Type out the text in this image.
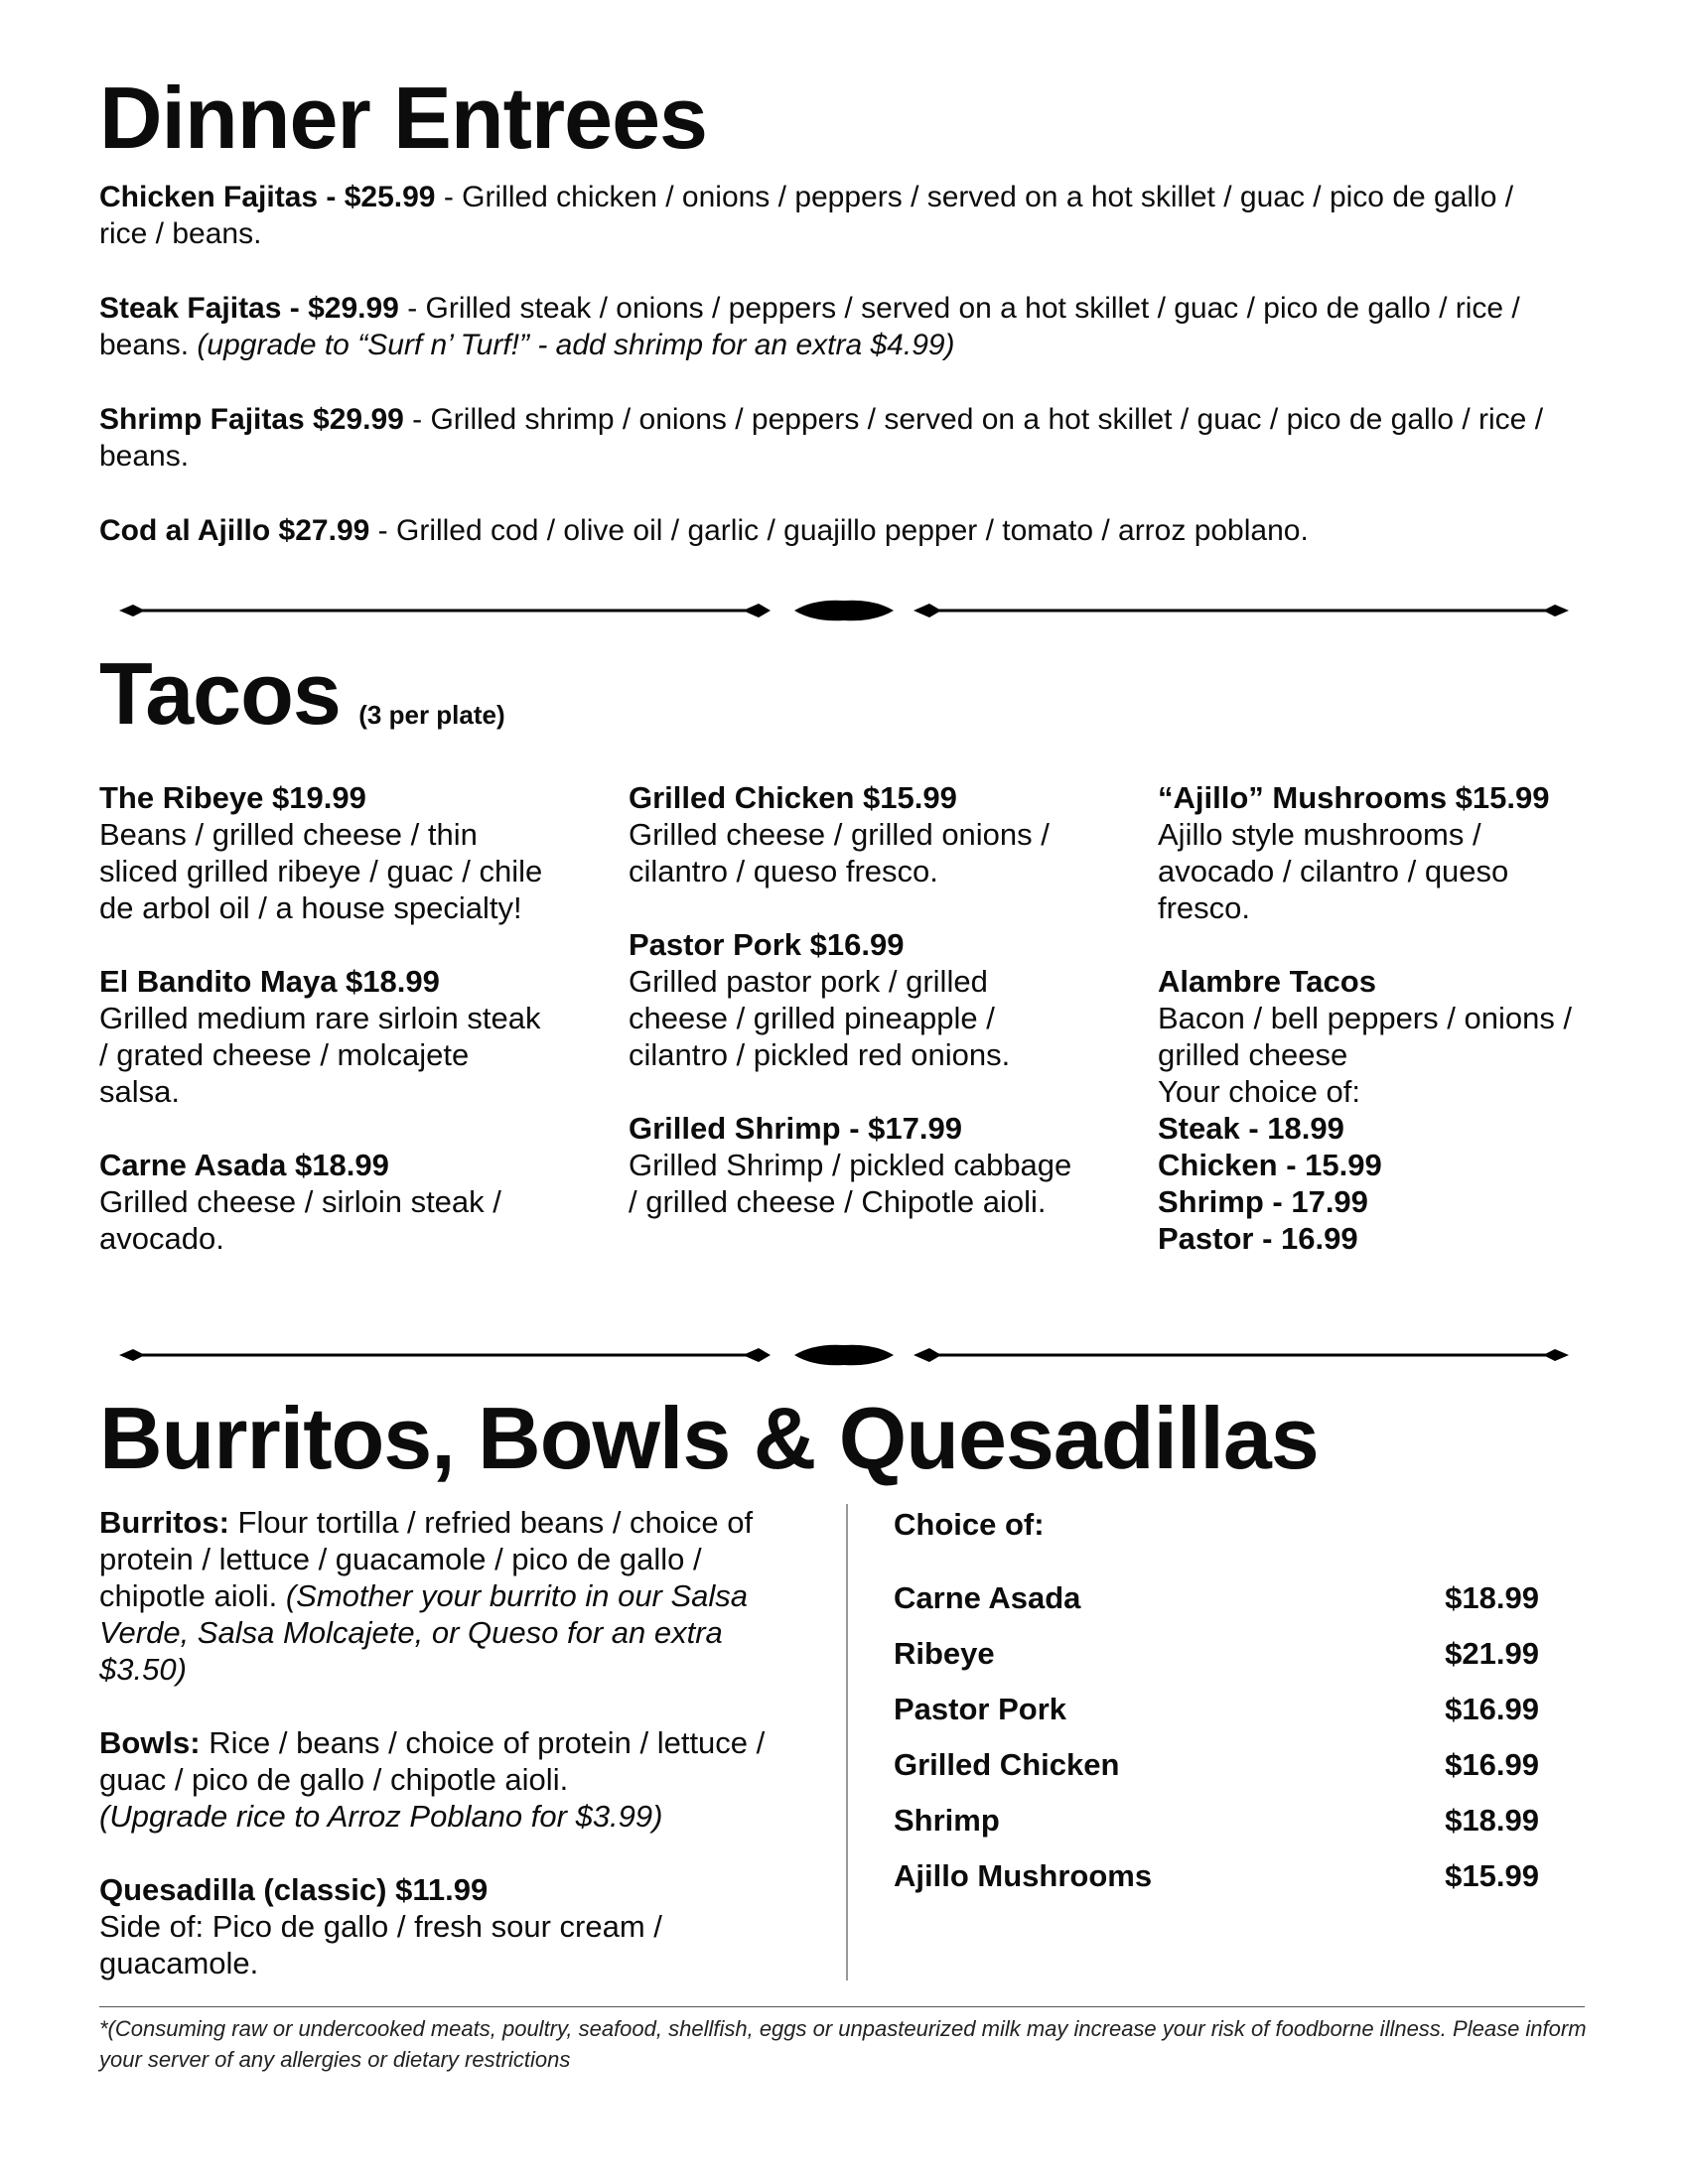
Dinner Entrees
Chicken Fajitas - $25.99 - Grilled chicken / onions / peppers / served on a hot skillet / guac / pico de gallo / rice / beans.
Steak Fajitas - $29.99 - Grilled steak / onions / peppers / served on a hot skillet / guac / pico de gallo / rice / beans. (upgrade to “Surf n’ Turf!” - add shrimp for an extra $4.99)
Shrimp Fajitas $29.99 - Grilled shrimp / onions / peppers / served on a hot skillet / guac / pico de gallo / rice / beans.
Cod al Ajillo $27.99 - Grilled cod / olive oil / garlic / guajillo pepper / tomato / arroz poblano.
Tacos (3 per plate)
The Ribeye $19.99
Beans / grilled cheese / thin sliced grilled ribeye / guac / chile de arbol oil / a house specialty!
El Bandito Maya $18.99
Grilled medium rare sirloin steak / grated cheese / molcajete salsa.
Carne Asada $18.99
Grilled cheese / sirloin steak / avocado.
Grilled Chicken $15.99
Grilled cheese / grilled onions / cilantro / queso fresco.
Pastor Pork $16.99
Grilled pastor pork / grilled cheese / grilled pineapple / cilantro / pickled red onions.
Grilled Shrimp - $17.99
Grilled Shrimp / pickled cabbage / grilled cheese / Chipotle aioli.
“Ajillo” Mushrooms $15.99
Ajillo style mushrooms / avocado / cilantro / queso fresco.
Alambre Tacos
Bacon / bell peppers / onions / grilled cheese
Your choice of:
Steak - 18.99
Chicken - 15.99
Shrimp - 17.99
Pastor - 16.99
Burritos, Bowls & Quesadillas
Burritos: Flour tortilla / refried beans / choice of protein / lettuce / guacamole / pico de gallo / chipotle aioli. (Smother your burrito in our Salsa Verde, Salsa Molcajete, or Queso for an extra $3.50)
Bowls: Rice / beans / choice of protein / lettuce / guac / pico de gallo / chipotle aioli.
(Upgrade rice to Arroz Poblano for $3.99)
Quesadilla (classic) $11.99
Side of: Pico de gallo / fresh sour cream / guacamole.
Choice of:
Carne Asada	$18.99
Ribeye	$21.99
Pastor Pork	$16.99
Grilled Chicken	$16.99
Shrimp	$18.99
Ajillo Mushrooms	$15.99
*(Consuming raw or undercooked meats, poultry, seafood, shellfish, eggs or unpasteurized milk may increase your risk of foodborne illness. Please inform your server of any allergies or dietary restrictions
